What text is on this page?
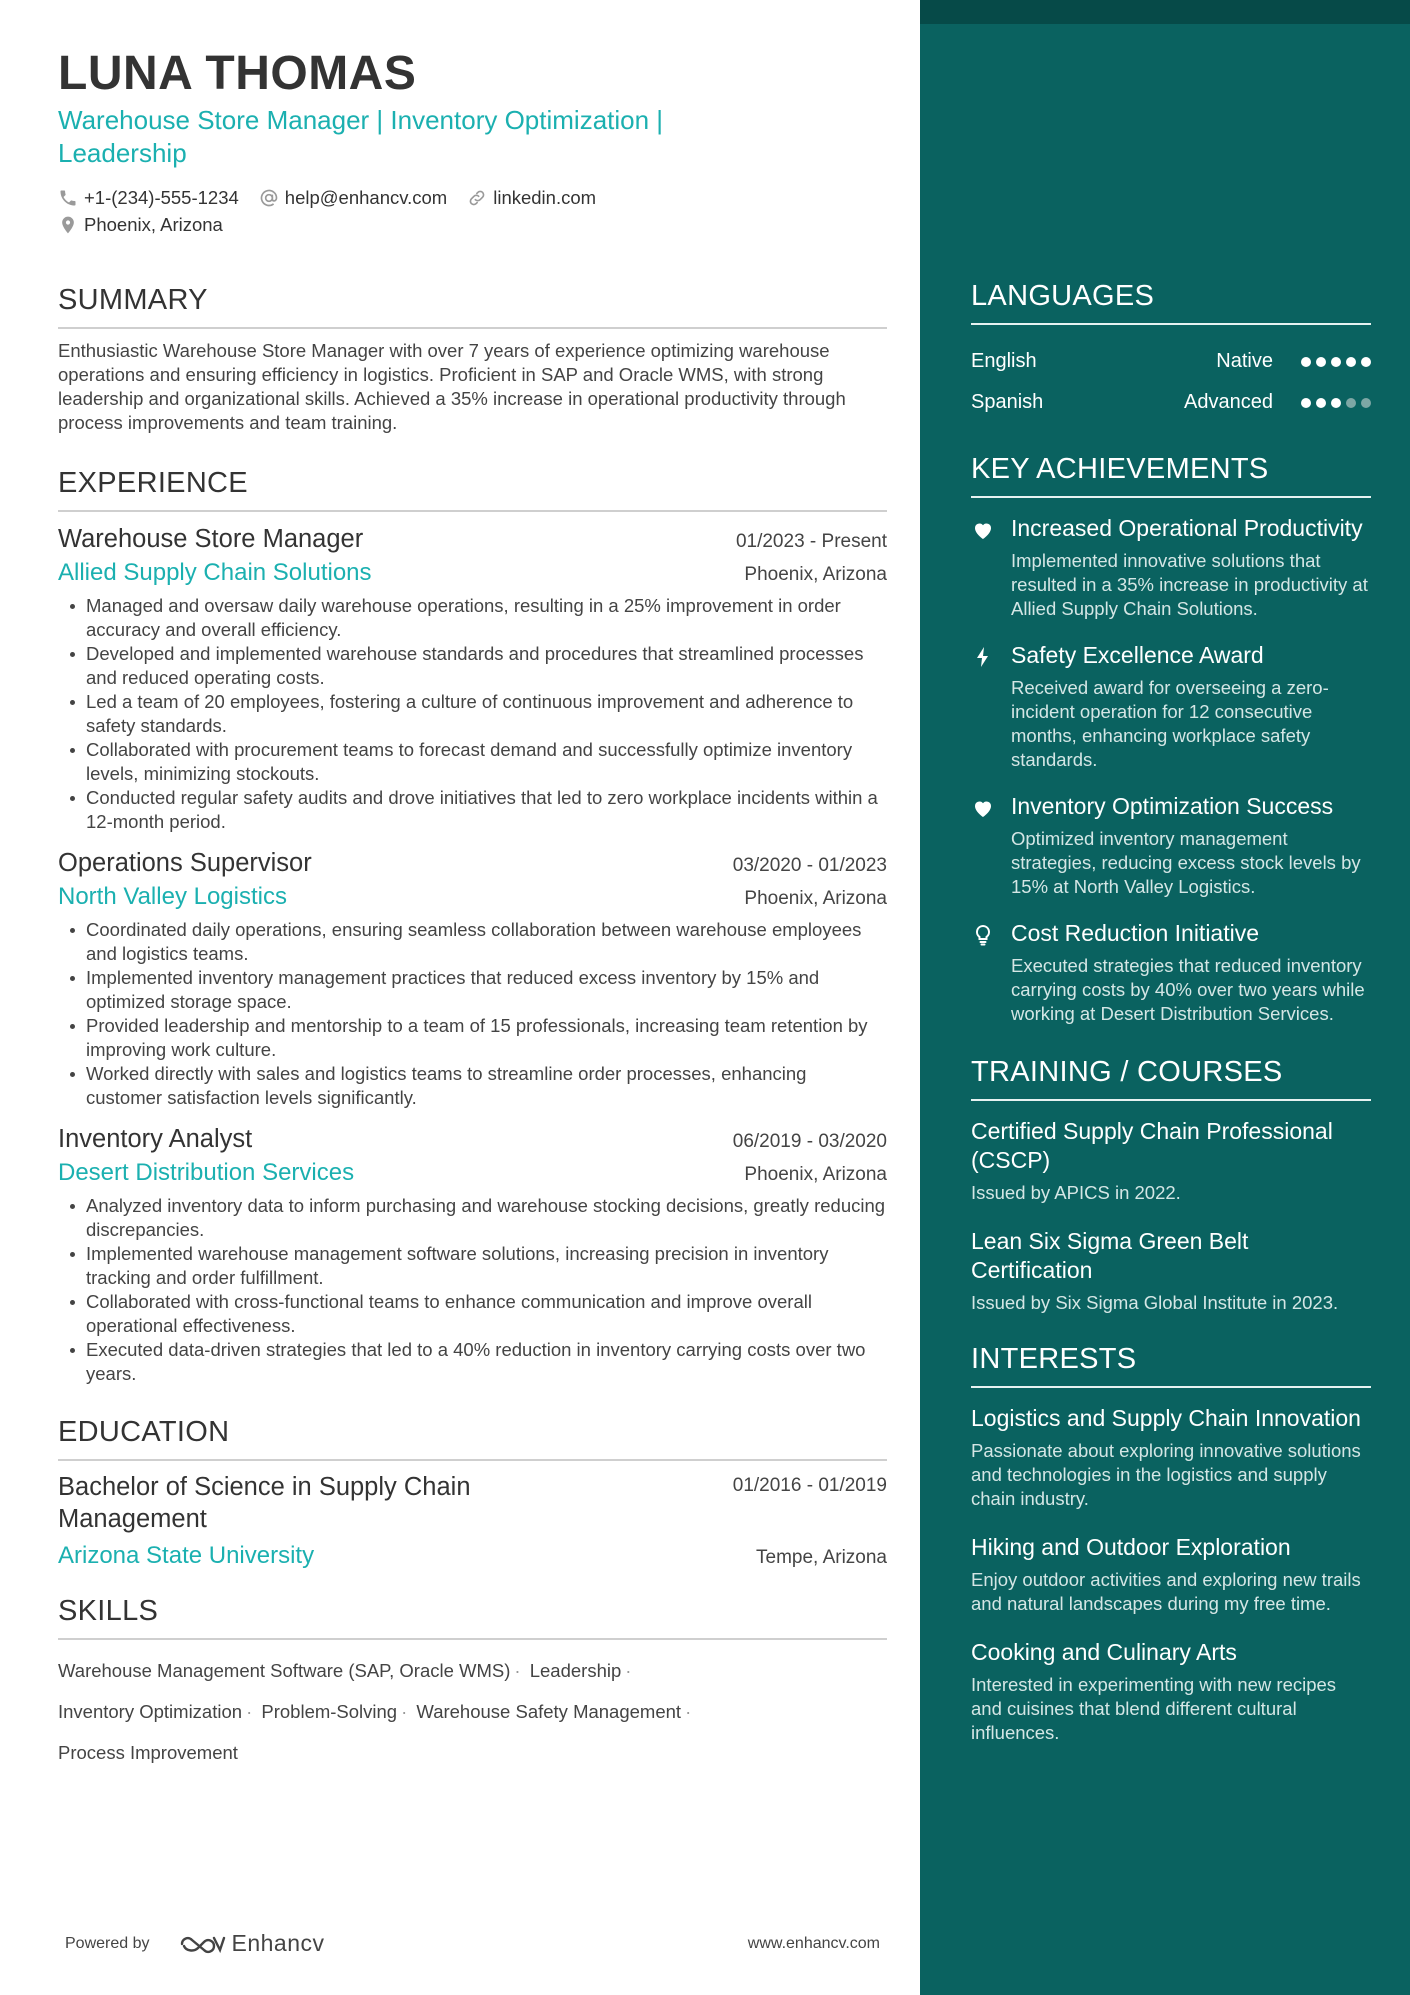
LUNA THOMAS
Warehouse Store Manager | Inventory Optimization | Leadership
+1-(234)-555-1234 help@enhancv.com linkedin.com
Phoenix, Arizona
SUMMARY
Enthusiastic Warehouse Store Manager with over 7 years of experience optimizing warehouse operations and ensuring efficiency in logistics. Proficient in SAP and Oracle WMS, with strong leadership and organizational skills. Achieved a 35% increase in operational productivity through process improvements and team training.
EXPERIENCE
Warehouse Store Manager	01/2023 - Present
Allied Supply Chain Solutions	Phoenix, Arizona
Managed and oversaw daily warehouse operations, resulting in a 25% improvement in order accuracy and overall efficiency.
Developed and implemented warehouse standards and procedures that streamlined processes and reduced operating costs.
Led a team of 20 employees, fostering a culture of continuous improvement and adherence to safety standards.
Collaborated with procurement teams to forecast demand and successfully optimize inventory levels, minimizing stockouts.
Conducted regular safety audits and drove initiatives that led to zero workplace incidents within a 12-month period.
Operations Supervisor	03/2020 - 01/2023
North Valley Logistics	Phoenix, Arizona
Coordinated daily operations, ensuring seamless collaboration between warehouse employees and logistics teams.
Implemented inventory management practices that reduced excess inventory by 15% and optimized storage space.
Provided leadership and mentorship to a team of 15 professionals, increasing team retention by improving work culture.
Worked directly with sales and logistics teams to streamline order processes, enhancing customer satisfaction levels significantly.
Inventory Analyst	06/2019 - 03/2020
Desert Distribution Services	Phoenix, Arizona
Analyzed inventory data to inform purchasing and warehouse stocking decisions, greatly reducing discrepancies.
Implemented warehouse management software solutions, increasing precision in inventory tracking and order fulfillment.
Collaborated with cross-functional teams to enhance communication and improve overall operational effectiveness.
Executed data-driven strategies that led to a 40% reduction in inventory carrying costs over two years.
EDUCATION
Bachelor of Science in Supply Chain Management
01/2016 - 01/2019
Arizona State University	Tempe, Arizona
SKILLS
Warehouse Management Software (SAP, Oracle WMS) · Leadership ·
Inventory Optimization · Problem-Solving · Warehouse Safety Management ·
Process Improvement
Powered by	Enhancv	www.enhancv.com
LANGUAGES
English	Native
Spanish	Advanced
KEY ACHIEVEMENTS
Increased Operational Productivity
Implemented innovative solutions that resulted in a 35% increase in productivity at Allied Supply Chain Solutions.
Safety Excellence Award
Received award for overseeing a zero-incident operation for 12 consecutive months, enhancing workplace safety standards.
Inventory Optimization Success
Optimized inventory management strategies, reducing excess stock levels by 15% at North Valley Logistics.
Cost Reduction Initiative
Executed strategies that reduced inventory carrying costs by 40% over two years while working at Desert Distribution Services.
TRAINING / COURSES
Certified Supply Chain Professional (CSCP)
Issued by APICS in 2022.
Lean Six Sigma Green Belt Certification
Issued by Six Sigma Global Institute in 2023.
INTERESTS
Logistics and Supply Chain Innovation
Passionate about exploring innovative solutions and technologies in the logistics and supply chain industry.
Hiking and Outdoor Exploration
Enjoy outdoor activities and exploring new trails and natural landscapes during my free time.
Cooking and Culinary Arts
Interested in experimenting with new recipes and cuisines that blend different cultural influences.
